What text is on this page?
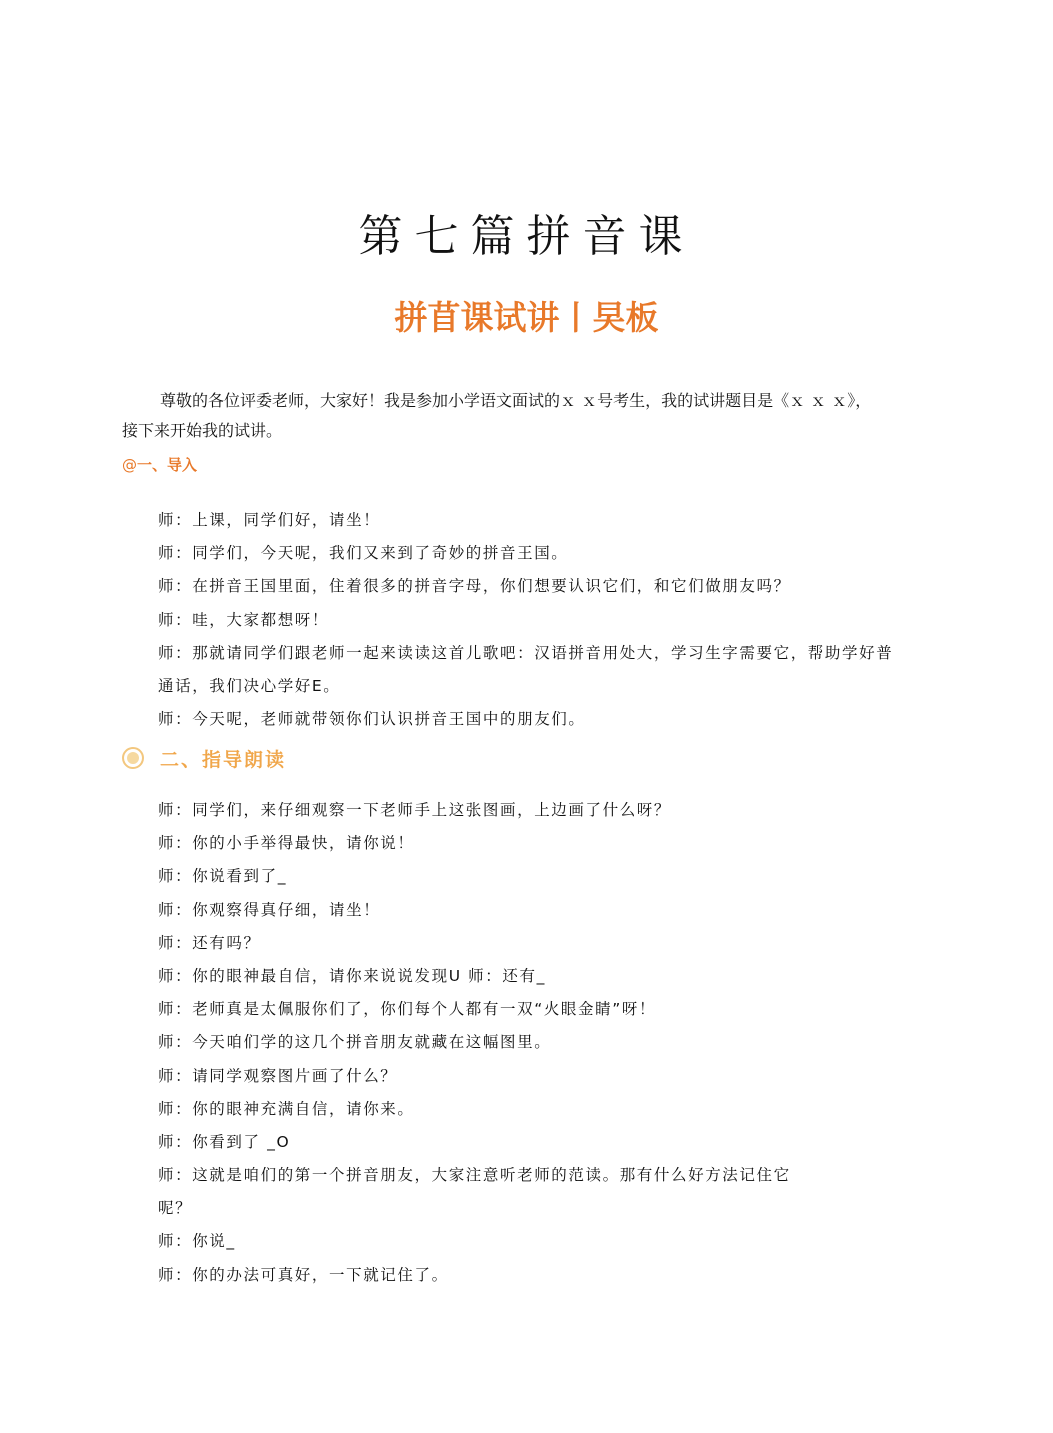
第七篇拼音课
拼苜课试讲丨旲板
尊敬的各位评委老师，大家好！我是参加小学语文面试的ｘ ｘ号考生，我的试讲题目是《ｘ ｘ ｘ》，
接下来开始我的试讲。
@一、导入
师：上课，同学们好，请坐！
师：同学们，今天呢，我们又来到了奇妙的拼音王国。
师：在拼音王国里面，住着很多的拼音字母，你们想要认识它们，和它们做朋友吗？
师：哇，大家都想呀！
师：那就请同学们跟老师一起来读读这首儿歌吧：汉语拼音用处大，学习生字需要它，帮助学好普
通话，我们决心学好E。
师：今天呢，老师就带领你们认识拼音王国中的朋友们。
二、指导朗读
师：同学们，来仔细观察一下老师手上这张图画，上边画了什么呀？
师：你的小手举得最快，请你说！
师：你说看到了_
师：你观察得真仔细，请坐！
师：还有吗？
师：你的眼神最自信，请你来说说发现U 师：还有_
师：老师真是太佩服你们了，你们每个人都有一双“火眼金睛”呀！
师：今天咱们学的这几个拼音朋友就藏在这幅图里。
师：请同学观察图片画了什么？
师：你的眼神充满自信，请你来。
师：你看到了 _O
师：这就是咱们的第一个拼音朋友，大家注意听老师的范读。那有什么好方法记住它
呢？
师：你说_
师：你的办法可真好，一下就记住了。
